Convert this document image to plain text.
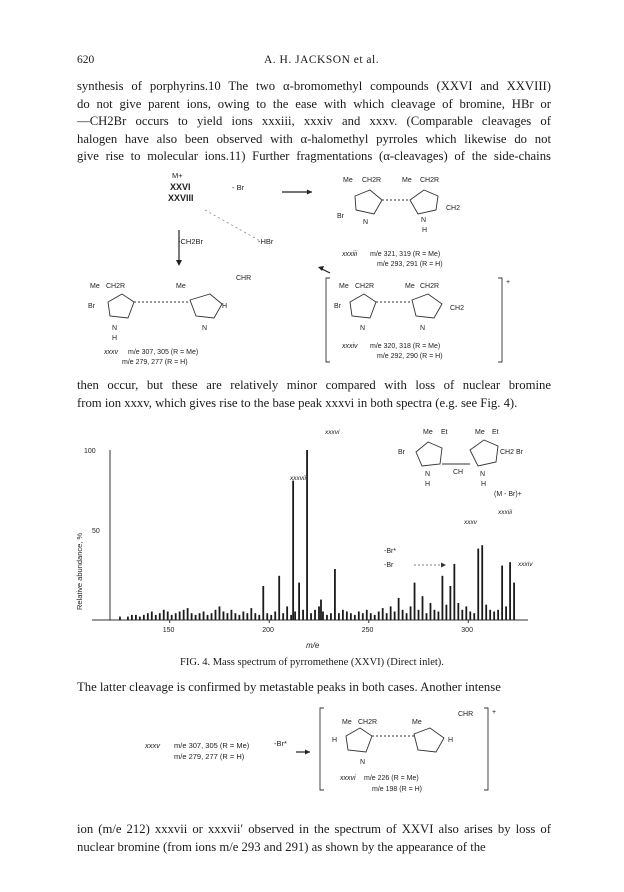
620	A. H. JACKSON et al.
synthesis of porphyrins.10 The two α-bromomethyl compounds (XXVI and XXVIII)
do not give parent ions, owing to the ease with which cleavage of bromine, HBr or
—CH2Br occurs to yield ions xxxiii, xxxiv and xxxv. (Comparable cleavages of
halogen have also been observed with α-halomethyl pyrroles which likewise do not
give rise to molecular ions.11) Further fragmentations (α-cleavages) of the side-chains
M+
XXVI
XXVIII
- Br
-CH2Br	-HBr
Me CH2R	Me CH2R
Br
N	N
H
CH2
xxxiii m/e 321, 319 (R = Me)
m/e 293, 291 (R = H)
CHR
Me CH2R	Me
Br	H
N
H
N
xxxv m/e 307, 305 (R = Me)
m/e 279, 277 (R = H)
+
Me CH2R	Me CH2R
Br	CH2
N	N
xxxiv m/e 320, 318 (R = Me)
m/e 292, 290 (R = H)
then occur, but these are relatively minor compared with loss of nuclear bromine
from ion xxxv, which gives rise to the base peak xxxvi in both spectra (e.g. see Fig. 4).
Me Et	Me Et
Br
CH
CH2 Br
N
H
N
H
100
50
Relative abundance, %
150	200	250	300
m/e
xxxvi
xxxvii
xxxv
xxxiii
xxxiv
(M - Br)+
-Br*
-Br
FIG. 4. Mass spectrum of pyrromethene (XXVI) (Direct inlet).
The latter cleavage is confirmed by metastable peaks in both cases. Another intense
xxxv m/e 307, 305 (R = Me)
m/e 279, 277 (R = H)
-Br*
CHR	+
Me CH2R	Me
H	H
N
xxxvi m/e 226 (R = Me)
m/e 198 (R = H)
ion (m/e 212) xxxvii or xxxvii′ observed in the spectrum of XXVI also arises by loss of
nuclear bromine (from ions m/e 293 and 291) as shown by the appearance of the
